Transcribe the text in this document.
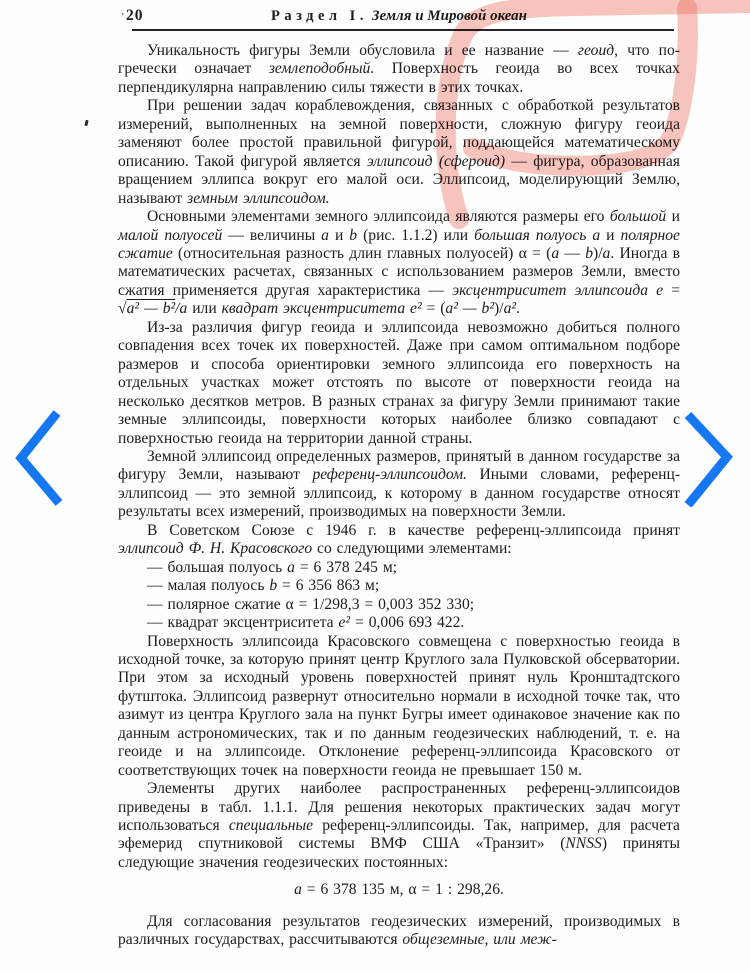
’ 20	Раздел I. Земля и Мировой океан

Уникальность фигуры Земли обусловила и ее название — геоид, что по-гречески означает землеподобный. Поверхность геоида во всех точках перпендикулярна направлению силы тяжести в этих точках.

При решении задач кораблевождения, связанных с обработкой результатов измерений, выполненных на земной поверхности, сложную фигуру геоида заменяют более простой правильной фигурой, поддающейся математическому описанию. Такой фигурой является эллипсоид (сфероид) — фигура, образованная вращением эллипса вокруг его малой оси. Эллипсоид, моделирующий Землю, называют земным эллипсоидом.

Основными элементами земного эллипсоида являются размеры его большой и малой полуосей — величины a и b (рис. 1.1.2) или большая полуось a и полярное сжатие (относительная разность длин главных полуосей) α = (a — b)/a. Иногда в математических расчетах, связанных с использованием размеров Земли, вместо сжатия применяется другая характеристика — эксцентриситет эллипсоида e = √a² — b²/a или квадрат эксцентриситета e² = (a² — b²)/a².

Из-за различия фигур геоида и эллипсоида невозможно добиться полного совпадения всех точек их поверхностей. Даже при самом оптимальном подборе размеров и способа ориентировки земного эллипсоида его поверхность на отдельных участках может отстоять по высоте от поверхности геоида на несколько десятков метров. В разных странах за фигуру Земли принимают такие земные эллипсоиды, поверхности которых наиболее близко совпадают с поверхностью геоида на территории данной страны.

Земной эллипсоид определенных размеров, принятый в данном государстве за фигуру Земли, называют референц-эллипсоидом. Иными словами, референц-эллипсоид — это земной эллипсоид, к которому в данном государстве относят результаты всех измерений, производимых на поверхности Земли.

В Советском Союзе с 1946 г. в качестве референц-эллипсоида принят эллипсоид Ф. Н. Красовского со следующими элементами:

— большая полуось a = 6 378 245 м;

— малая полуось b = 6 356 863 м;

— полярное сжатие α = 1/298,3 = 0,003 352 330;

— квадрат эксцентриситета e² = 0,006 693 422.

Поверхность эллипсоида Красовского совмещена с поверхностью геоида в исходной точке, за которую принят центр Круглого зала Пулковской обсерватории. При этом за исходный уровень поверхностей принят нуль Кронштадтского футштока. Эллипсоид развернут относительно нормали в исходной точке так, что азимут из центра Круглого зала на пункт Бугры имеет одинаковое значение как по данным астрономических, так и по данным геодезических наблюдений, т. е. на геоиде и на эллипсоиде. Отклонение референц-эллипсоида Красовского от соответствующих точек на поверхности геоида не превышает 150 м.

Элементы других наиболее распространенных референц-эллипсоидов приведены в табл. 1.1.1. Для решения некоторых практических задач могут использоваться специальные референц-эллипсоиды. Так, например, для расчета эфемерид спутниковой системы ВМФ США «Транзит» (NNSS) приняты следующие значения геодезических постоянных:

a = 6 378 135 м, α = 1 : 298,26.

Для согласования результатов геодезических измерений, производимых в различных государствах, рассчитываются общеземные, или меж-
